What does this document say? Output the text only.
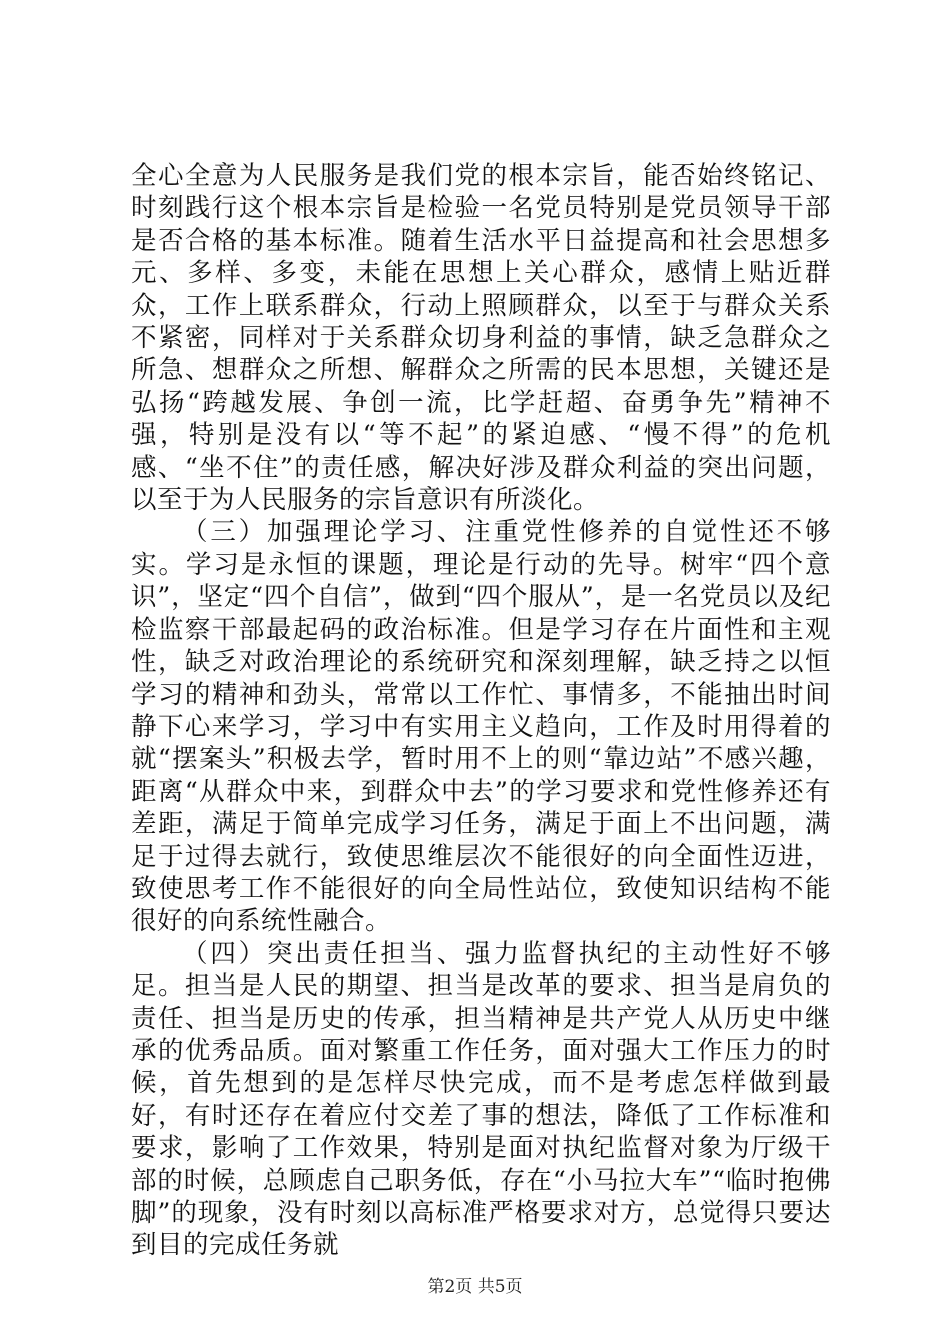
全心全意为人民服务是我们党的根本宗旨，能否始终铭记、时刻践行这个根本宗旨是检验一名党员特别是党员领导干部是否合格的基本标准。随着生活水平日益提高和社会思想多元、多样、多变，未能在思想上关心群众，感情上贴近群众，工作上联系群众，行动上照顾群众，以至于与群众关系不紧密，同样对于关系群众切身利益的事情，缺乏急群众之所急、想群众之所想、解群众之所需的民本思想，关键还是弘扬“跨越发展、争创一流，比学赶超、奋勇争先”精神不强，特别是没有以“等不起”的紧迫感、“慢不得”的危机感、“坐不住”的责任感，解决好涉及群众利益的突出问题，以至于为人民服务的宗旨意识有所淡化。

（三）加强理论学习、注重党性修养的自觉性还不够实。学习是永恒的课题，理论是行动的先导。树牢“四个意识”，坚定“四个自信”，做到“四个服从”，是一名党员以及纪检监察干部最起码的政治标准。但是学习存在片面性和主观性，缺乏对政治理论的系统研究和深刻理解，缺乏持之以恒学习的精神和劲头，常常以工作忙、事情多，不能抽出时间静下心来学习，学习中有实用主义趋向，工作及时用得着的就“摆案头”积极去学，暂时用不上的则“靠边站”不感兴趣，距离“从群众中来，到群众中去”的学习要求和党性修养还有差距，满足于简单完成学习任务，满足于面上不出问题，满足于过得去就行，致使思维层次不能很好的向全面性迈进，致使思考工作不能很好的向全局性站位，致使知识结构不能很好的向系统性融合。

（四）突出责任担当、强力监督执纪的主动性好不够足。担当是人民的期望、担当是改革的要求、担当是肩负的责任、担当是历史的传承，担当精神是共产党人从历史中继承的优秀品质。面对繁重工作任务，面对强大工作压力的时候，首先想到的是怎样尽快完成，而不是考虑怎样做到最好，有时还存在着应付交差了事的想法，降低了工作标准和要求，影响了工作效果，特别是面对执纪监督对象为厅级干部的时候，总顾虑自己职务低，存在“小马拉大车”“临时抱佛脚”的现象，没有时刻以高标准严格要求对方，总觉得只要达到目的完成任务就

第2页 共5页
